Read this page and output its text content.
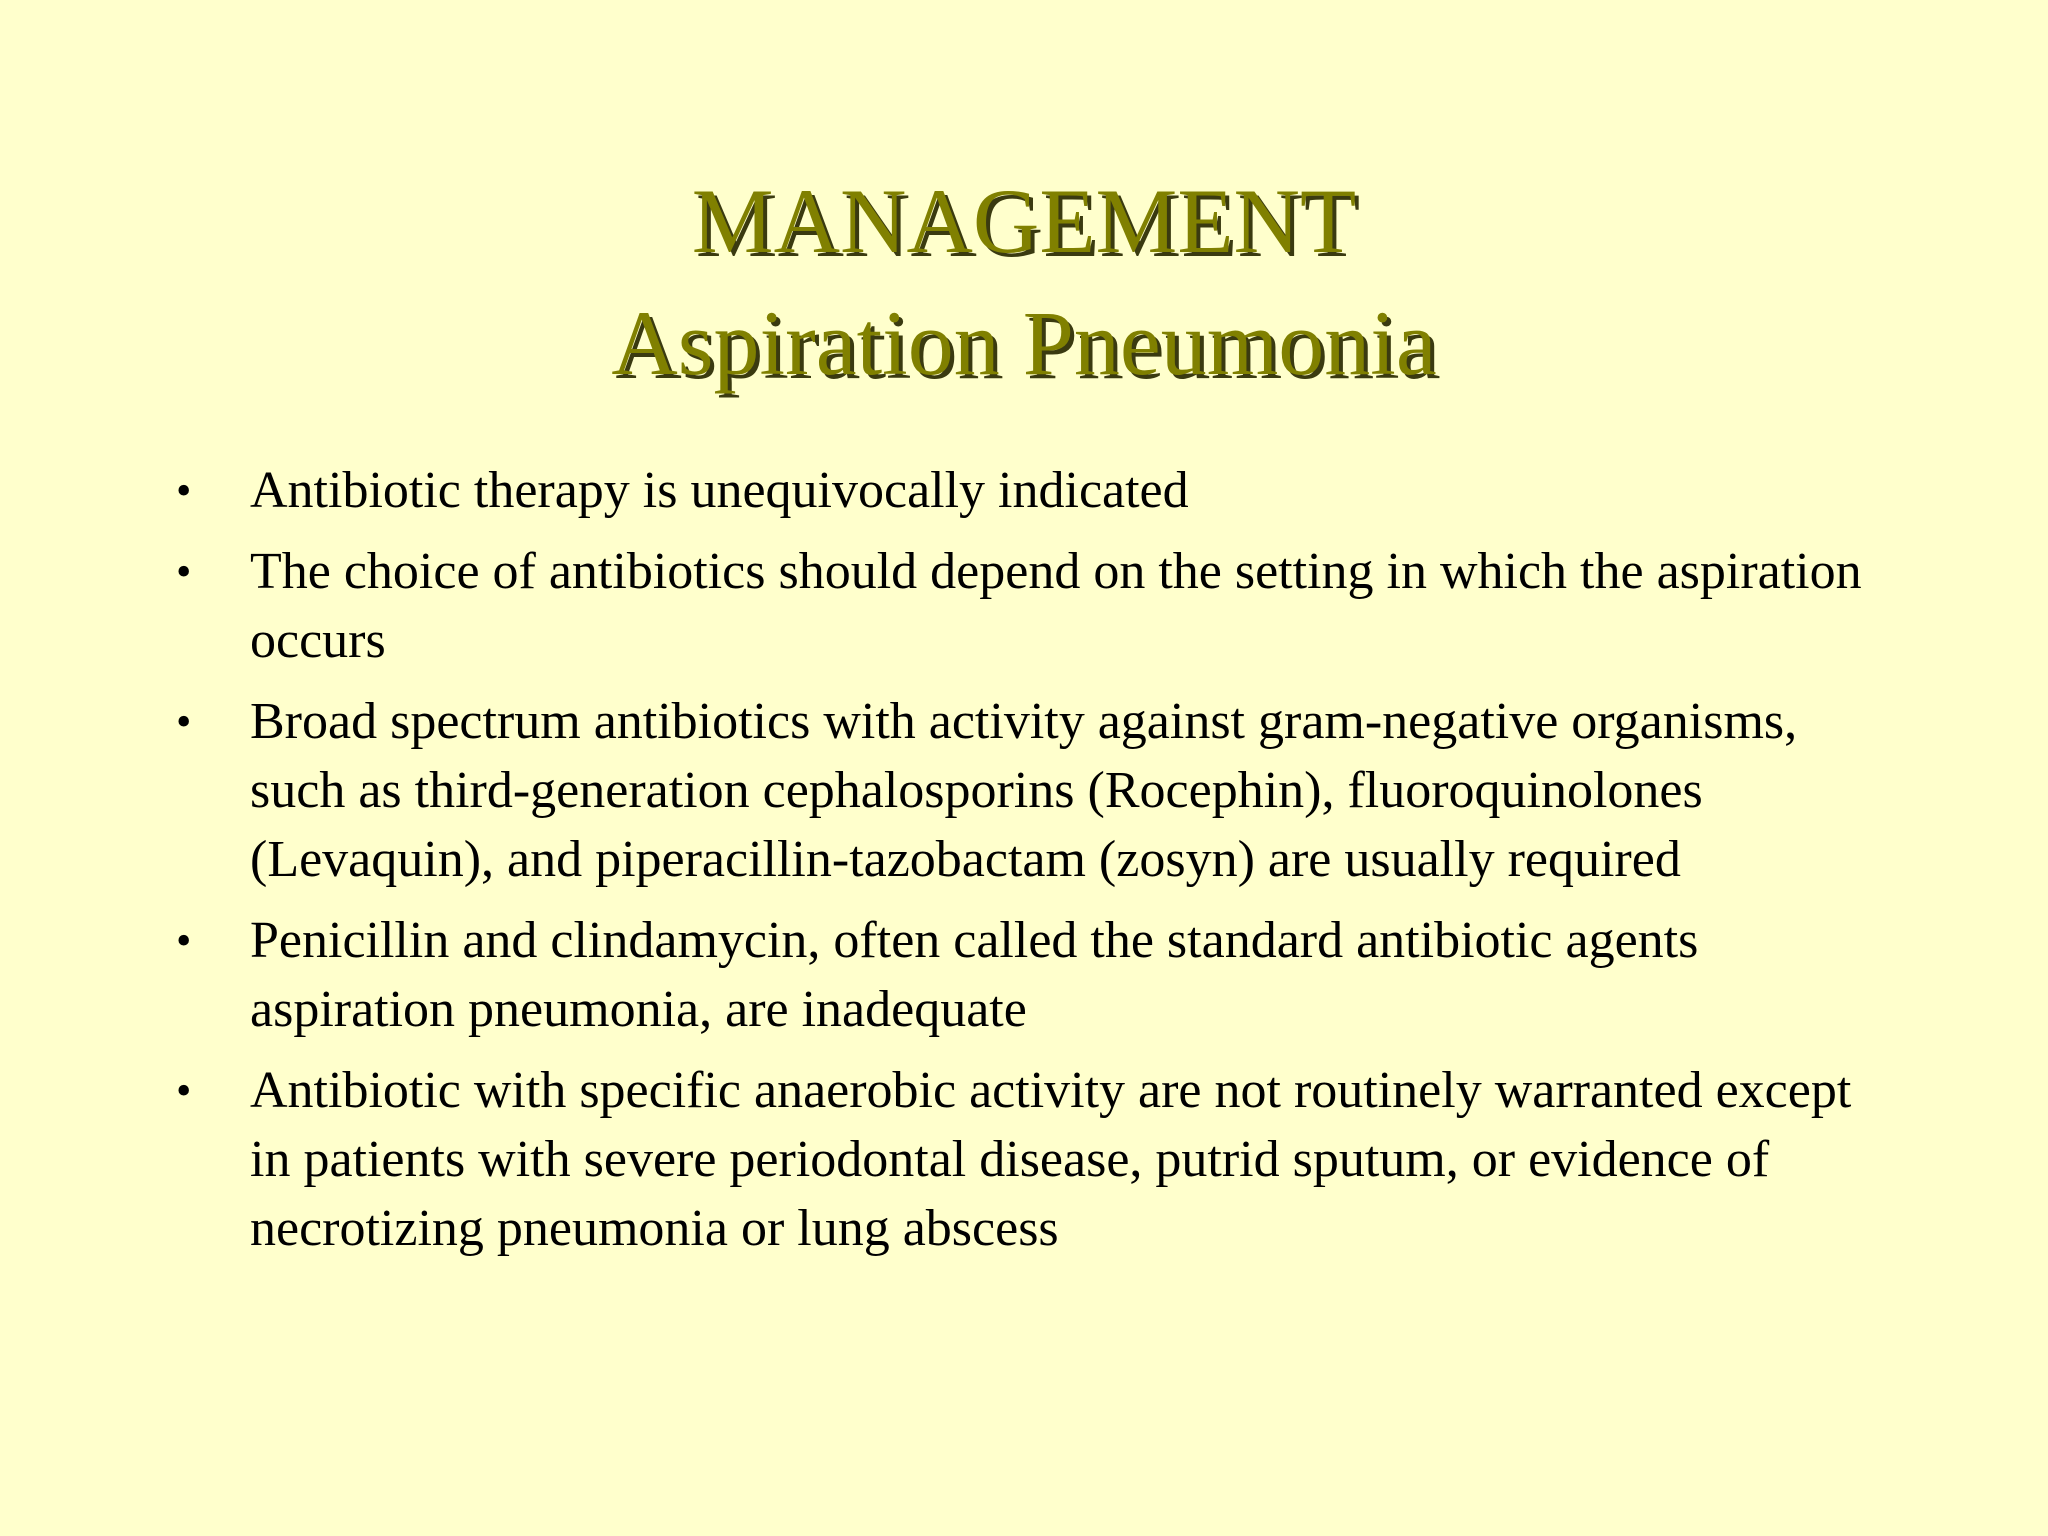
MANAGEMENT
Aspiration Pneumonia
• Antibiotic therapy is unequivocally indicated
• The choice of antibiotics should depend on the setting in which the aspiration occurs
• Broad spectrum antibiotics with activity against gram-negative organisms, such as third-generation cephalosporins (Rocephin), fluoroquinolones (Levaquin), and piperacillin-tazobactam (zosyn) are usually required
• Penicillin and clindamycin, often called the standard antibiotic agents aspiration pneumonia, are inadequate
• Antibiotic with specific anaerobic activity are not routinely warranted except in patients with severe periodontal disease, putrid sputum, or evidence of necrotizing pneumonia or lung abscess
